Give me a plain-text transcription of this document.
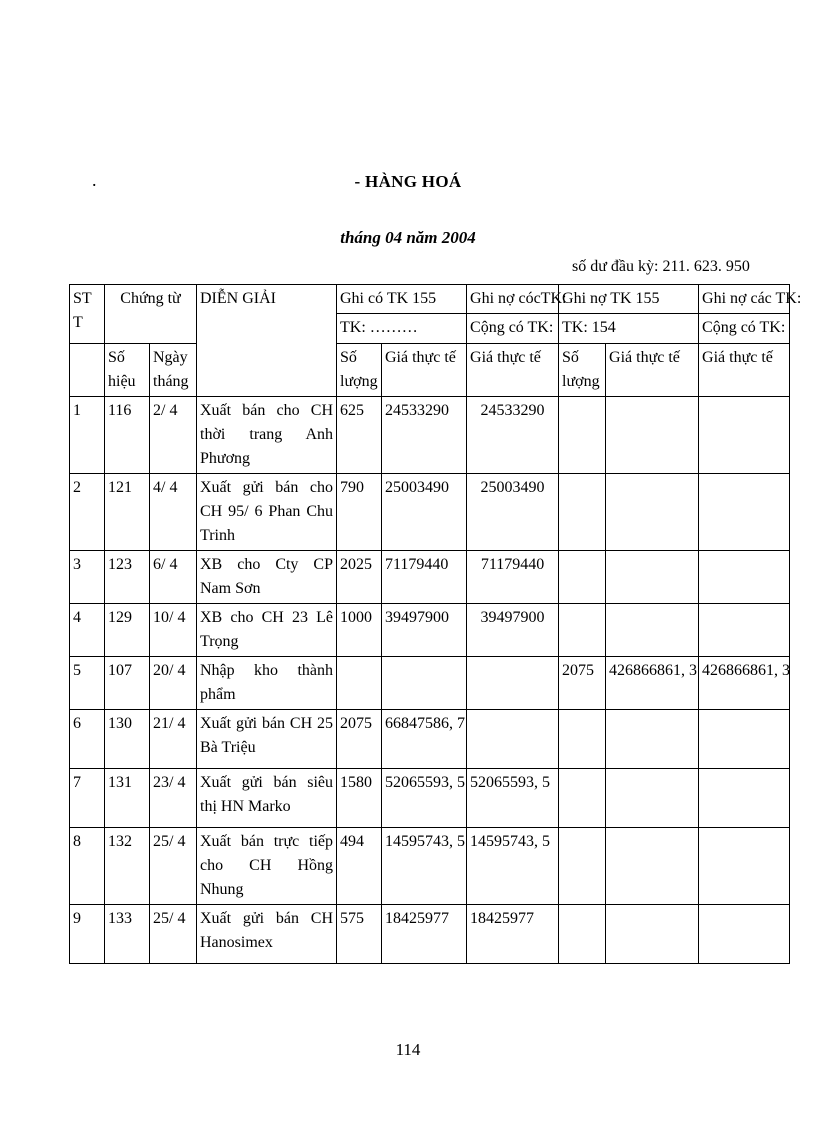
.	- HÀNG HOÁ
tháng 04 năm 2004
số dư đầu kỳ: 211. 623. 950
STT	Chứng từ		DIỄN GIẢI	Ghi có TK 155		Ghi nợ cócTK:	Ghi nợ TK 155		Ghi nợ các TK:
				TK: ………		Cộng có TK:	TK: 154		Cộng có TK:
	Số hiệu	Ngày tháng		Số lượng	Giá thực tế	Giá thực tế	Số lượng	Giá thực tế	Giá thực tế
1	116	2/ 4	Xuất bán cho CH thời trang Anh Phương	625	24533290	24533290			
2	121	4/ 4	Xuất gửi bán cho CH 95/ 6 Phan Chu Trinh	790	25003490	25003490			
3	123	6/ 4	XB cho Cty CP Nam Sơn	2025	71179440	71179440			
4	129	10/ 4	XB cho CH 23 Lê Trọng	1000	39497900	39497900			
5	107	20/ 4	Nhập kho thành phẩm				2075	426866861, 3	426866861, 3
6	130	21/ 4	Xuất gửi bán CH 25 Bà Triệu	2075	66847586, 7				
7	131	23/ 4	Xuất gửi bán siêu thị HN Marko	1580	52065593, 5	52065593, 5			
8	132	25/ 4	Xuất bán trực tiếp cho CH Hồng Nhung	494	14595743, 5	14595743, 5			
9	133	25/ 4	Xuất gửi bán CH Hanosimex	575	18425977	18425977			
114
